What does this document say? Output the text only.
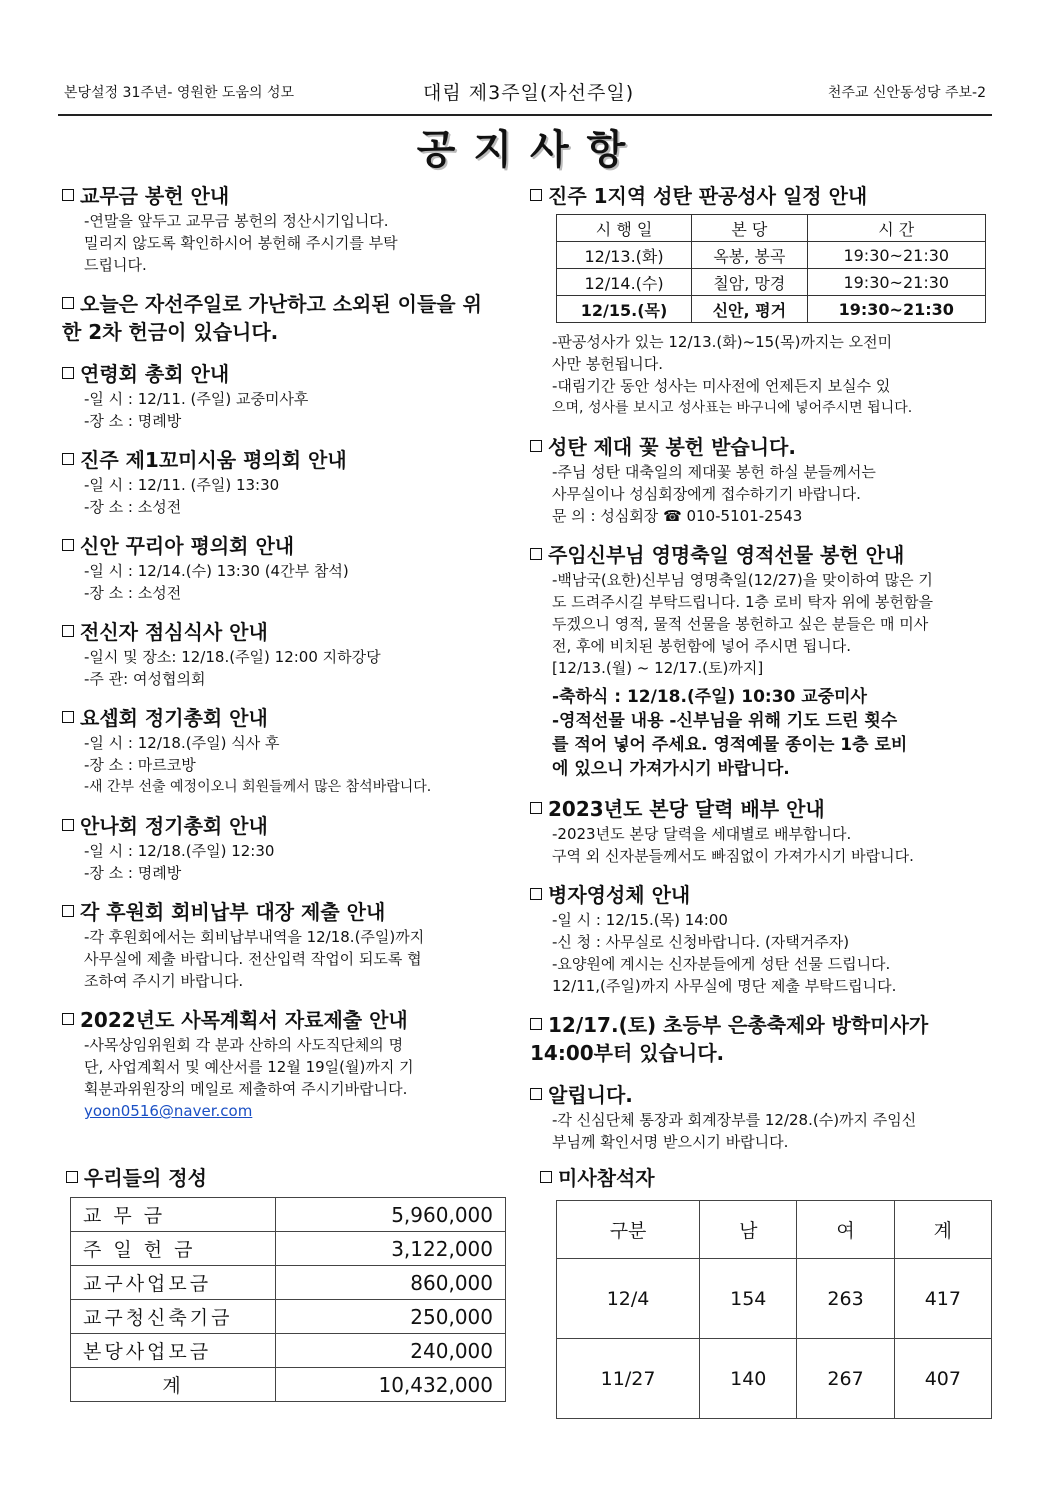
본당설정 31주년- 영원한 도움의 성모	대림 제3주일(자선주일)	천주교 신안동성당 주보-2
공지사항
교무금 봉헌 안내
-연말을 앞두고 교무금 봉헌의 정산시기입니다.
밀리지 않도록 확인하시어 봉헌해 주시기를 부탁
드립니다.
오늘은 자선주일로 가난하고 소외된 이들을 위한 2차 헌금이 있습니다.
연령회 총회 안내
-일 시 : 12/11. (주일) 교중미사후
-장 소 : 명례방
진주 제1꼬미시움 평의회 안내
-일 시 : 12/11. (주일) 13:30
-장 소 : 소성전
신안 꾸리아 평의회 안내
-일 시 : 12/14.(수) 13:30 (4간부 참석)
-장 소 : 소성전
전신자 점심식사 안내
-일시 및 장소: 12/18.(주일) 12:00 지하강당
-주 관: 여성협의회
요셉회 정기총회 안내
-일 시 : 12/18.(주일) 식사 후
-장 소 : 마르코방
-새 간부 선출 예정이오니 회원들께서 많은 참석바랍니다.
안나회 정기총회 안내
-일 시 : 12/18.(주일) 12:30
-장 소 : 명례방
각 후원회 회비납부 대장 제출 안내
-각 후원회에서는 회비납부내역을 12/18.(주일)까지
사무실에 제출 바랍니다. 전산입력 작업이 되도록 협
조하여 주시기 바랍니다.
2022년도 사목계획서 자료제출 안내
-사목상임위원회 각 분과 산하의 사도직단체의 명
단, 사업계획서 및 예산서를 12월 19일(월)까지 기
획분과위원장의 메일로 제출하여 주시기바랍니다.
yoon0516@naver.com
진주 1지역 성탄 판공성사 일정 안내
시 행 일	본 당	시 간
12/13.(화)	옥봉, 봉곡	19:30~21:30
12/14.(수)	칠암, 망경	19:30~21:30
12/15.(목)	신안, 평거	19:30~21:30
-판공성사가 있는 12/13.(화)~15(목)까지는 오전미
사만 봉헌됩니다.
-대림기간 동안 성사는 미사전에 언제든지 보실수 있
으며, 성사를 보시고 성사표는 바구니에 넣어주시면 됩니다.
성탄 제대 꽃 봉헌 받습니다.
-주님 성탄 대축일의 제대꽃 봉헌 하실 분들께서는
사무실이나 성심회장에게 접수하기기 바랍니다.
문 의 : 성심회장 ☎ 010-5101-2543
주임신부님 영명축일 영적선물 봉헌 안내
-백남국(요한)신부님 영명축일(12/27)을 맞이하여 많은 기
도 드려주시길 부탁드립니다. 1층 로비 탁자 위에 봉헌함을
두겠으니 영적, 물적 선물을 봉헌하고 싶은 분들은 매 미사
전, 후에 비치된 봉헌함에 넣어 주시면 됩니다.
[12/13.(월) ~ 12/17.(토)까지]
-축하식 : 12/18.(주일) 10:30 교중미사
-영적선물 내용 -신부님을 위해 기도 드린 횟수
를 적어 넣어 주세요. 영적예물 종이는 1층 로비
에 있으니 가져가시기 바랍니다.
2023년도 본당 달력 배부 안내
-2023년도 본당 달력을 세대별로 배부합니다.
구역 외 신자분들께서도 빠짐없이 가져가시기 바랍니다.
병자영성체 안내
-일 시 : 12/15.(목) 14:00
-신 청 : 사무실로 신청바랍니다. (자택거주자)
-요양원에 계시는 신자분들에게 성탄 선물 드립니다.
12/11,(주일)까지 사무실에 명단 제출 부탁드립니다.
12/17.(토) 초등부 은총축제와 방학미사가 14:00부터 있습니다.
알립니다.
-각 신심단체 통장과 회계장부를 12/28.(수)까지 주임신
부님께 확인서명 받으시기 바랍니다.
우리들의 정성
교 무 금	5,960,000
주 일 헌 금	3,122,000
교구사업모금	860,000
교구청신축기금	250,000
본당사업모금	240,000
계	10,432,000
미사참석자
구분	남	여	계
12/4	154	263	417
11/27	140	267	407
